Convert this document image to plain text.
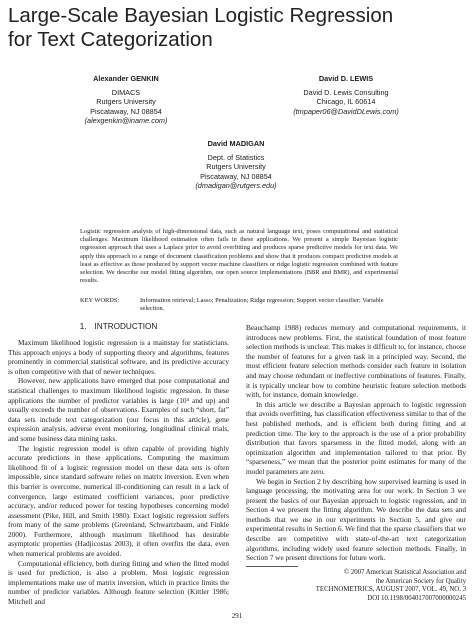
Large-Scale Bayesian Logistic Regression
for Text Categorization
Alexander GENKIN
DIMACS
Rutgers University
Piscataway, NJ 08854
(alexgenkin@iname.com)
David D. LEWIS
David D. Lewis Consulting
Chicago, IL 60614
(tmpaper06@DavidDLewis.com)
David MADIGAN
Dept. of Statistics
Rutgers University
Piscataway, NJ 08854
(dmadigan@rutgers.edu)

Logistic regression analysis of high-dimensional data, such as natural language text, poses computational and statistical challenges. Maximum likelihood estimation often fails in these applications. We present a simple Bayesian logistic regression approach that uses a Laplace prior to avoid overfitting and produces sparse predictive models for text data. We apply this approach to a range of document classification problems and show that it produces compact predictive models at least as effective as those produced by support vector machine classifiers or ridge logistic regression combined with feature selection. We describe our model fitting algorithm, our open source implementations (BBR and BMR), and experimental results.

KEY WORDS:	Information retrieval; Lasso; Penalization; Ridge regression; Support vector classifier; Variable selection.
1. INTRODUCTION

Maximum likelihood logistic regression is a mainstay for statisticians. This approach enjoys a body of supporting theory and algorithms, features prominently in commercial statistical software, and its predictive accuracy is often competitive with that of newer techniques.

However, new applications have emerged that pose computational and statistical challenges to maximum likelihood logistic regression. In these applications the number of predictor variables is large (10⁴ and up) and usually exceeds the number of observations. Examples of such “short, fat” data sets include text categorization (our focus in this article), gene expression analysis, adverse event monitoring, longitudinal clinical trials, and some business data mining tasks.

The logistic regression model is often capable of providing highly accurate predictions in these applications. Computing the maximum likelihood fit of a logistic regression model on these data sets is often impossible, since standard software relies on matrix inversion. Even when this barrier is overcome, numerical ill-conditioning can result in a lack of convergence, large estimated coefficient variances, poor predictive accuracy, and/or reduced power for testing hypotheses concerning model assessment (Pike, Hill, and Smith 1980). Exact logistic regression suffers from many of the same problems (Greenland, Schwartzbaum, and Finkle 2000). Furthermore, although maximum likelihood has desirable asymptotic properties (Hadjicostas 2003), it often overfits the data, even when numerical problems are avoided.

Computational efficiency, both during fitting and when the fitted model is used for prediction, is also a problem. Most logistic regression implementations make use of matrix inversion, which in practice limits the number of predictor variables. Although feature selection (Kittler 1986; Mitchell and

Beauchamp 1988) reduces memory and computational requirements, it introduces new problems. First, the statistical foundation of most feature selection methods is unclear. This makes it difficult to, for instance, choose the number of features for a given task in a principled way. Second, the most efficient feature selection methods consider each feature in isolation and may choose redundant or ineffective combinations of features. Finally, it is typically unclear how to combine heuristic feature selection methods with, for instance, domain knowledge.

In this article we describe a Bayesian approach to logistic regression that avoids overfitting, has classification effectiveness similar to that of the best published methods, and is efficient both during fitting and at prediction time. The key to the approach is the use of a prior probability distribution that favors sparseness in the fitted model, along with an optimization algorithm and implementation tailored to that prior. By “sparseness,” we mean that the posterior point estimates for many of the model parameters are zero.

We begin in Section 2 by describing how supervised learning is used in language processing, the motivating area for our work. In Section 3 we present the basics of our Bayesian approach to logistic regression, and in Section 4 we present the fitting algorithm. We describe the data sets and methods that we use in our experiments in Section 5, and give our experimental results in Section 6. We find that the sparse classifiers that we describe are competitive with state-of-the-art text categorization algorithms, including widely used feature selection methods. Finally, in Section 7 we present directions for future work.

© 2007 American Statistical Association and
the American Society for Quality
TECHNOMETRICS, AUGUST 2007, VOL. 49, NO. 3
DOI 10.1198/004017007000000245
291
